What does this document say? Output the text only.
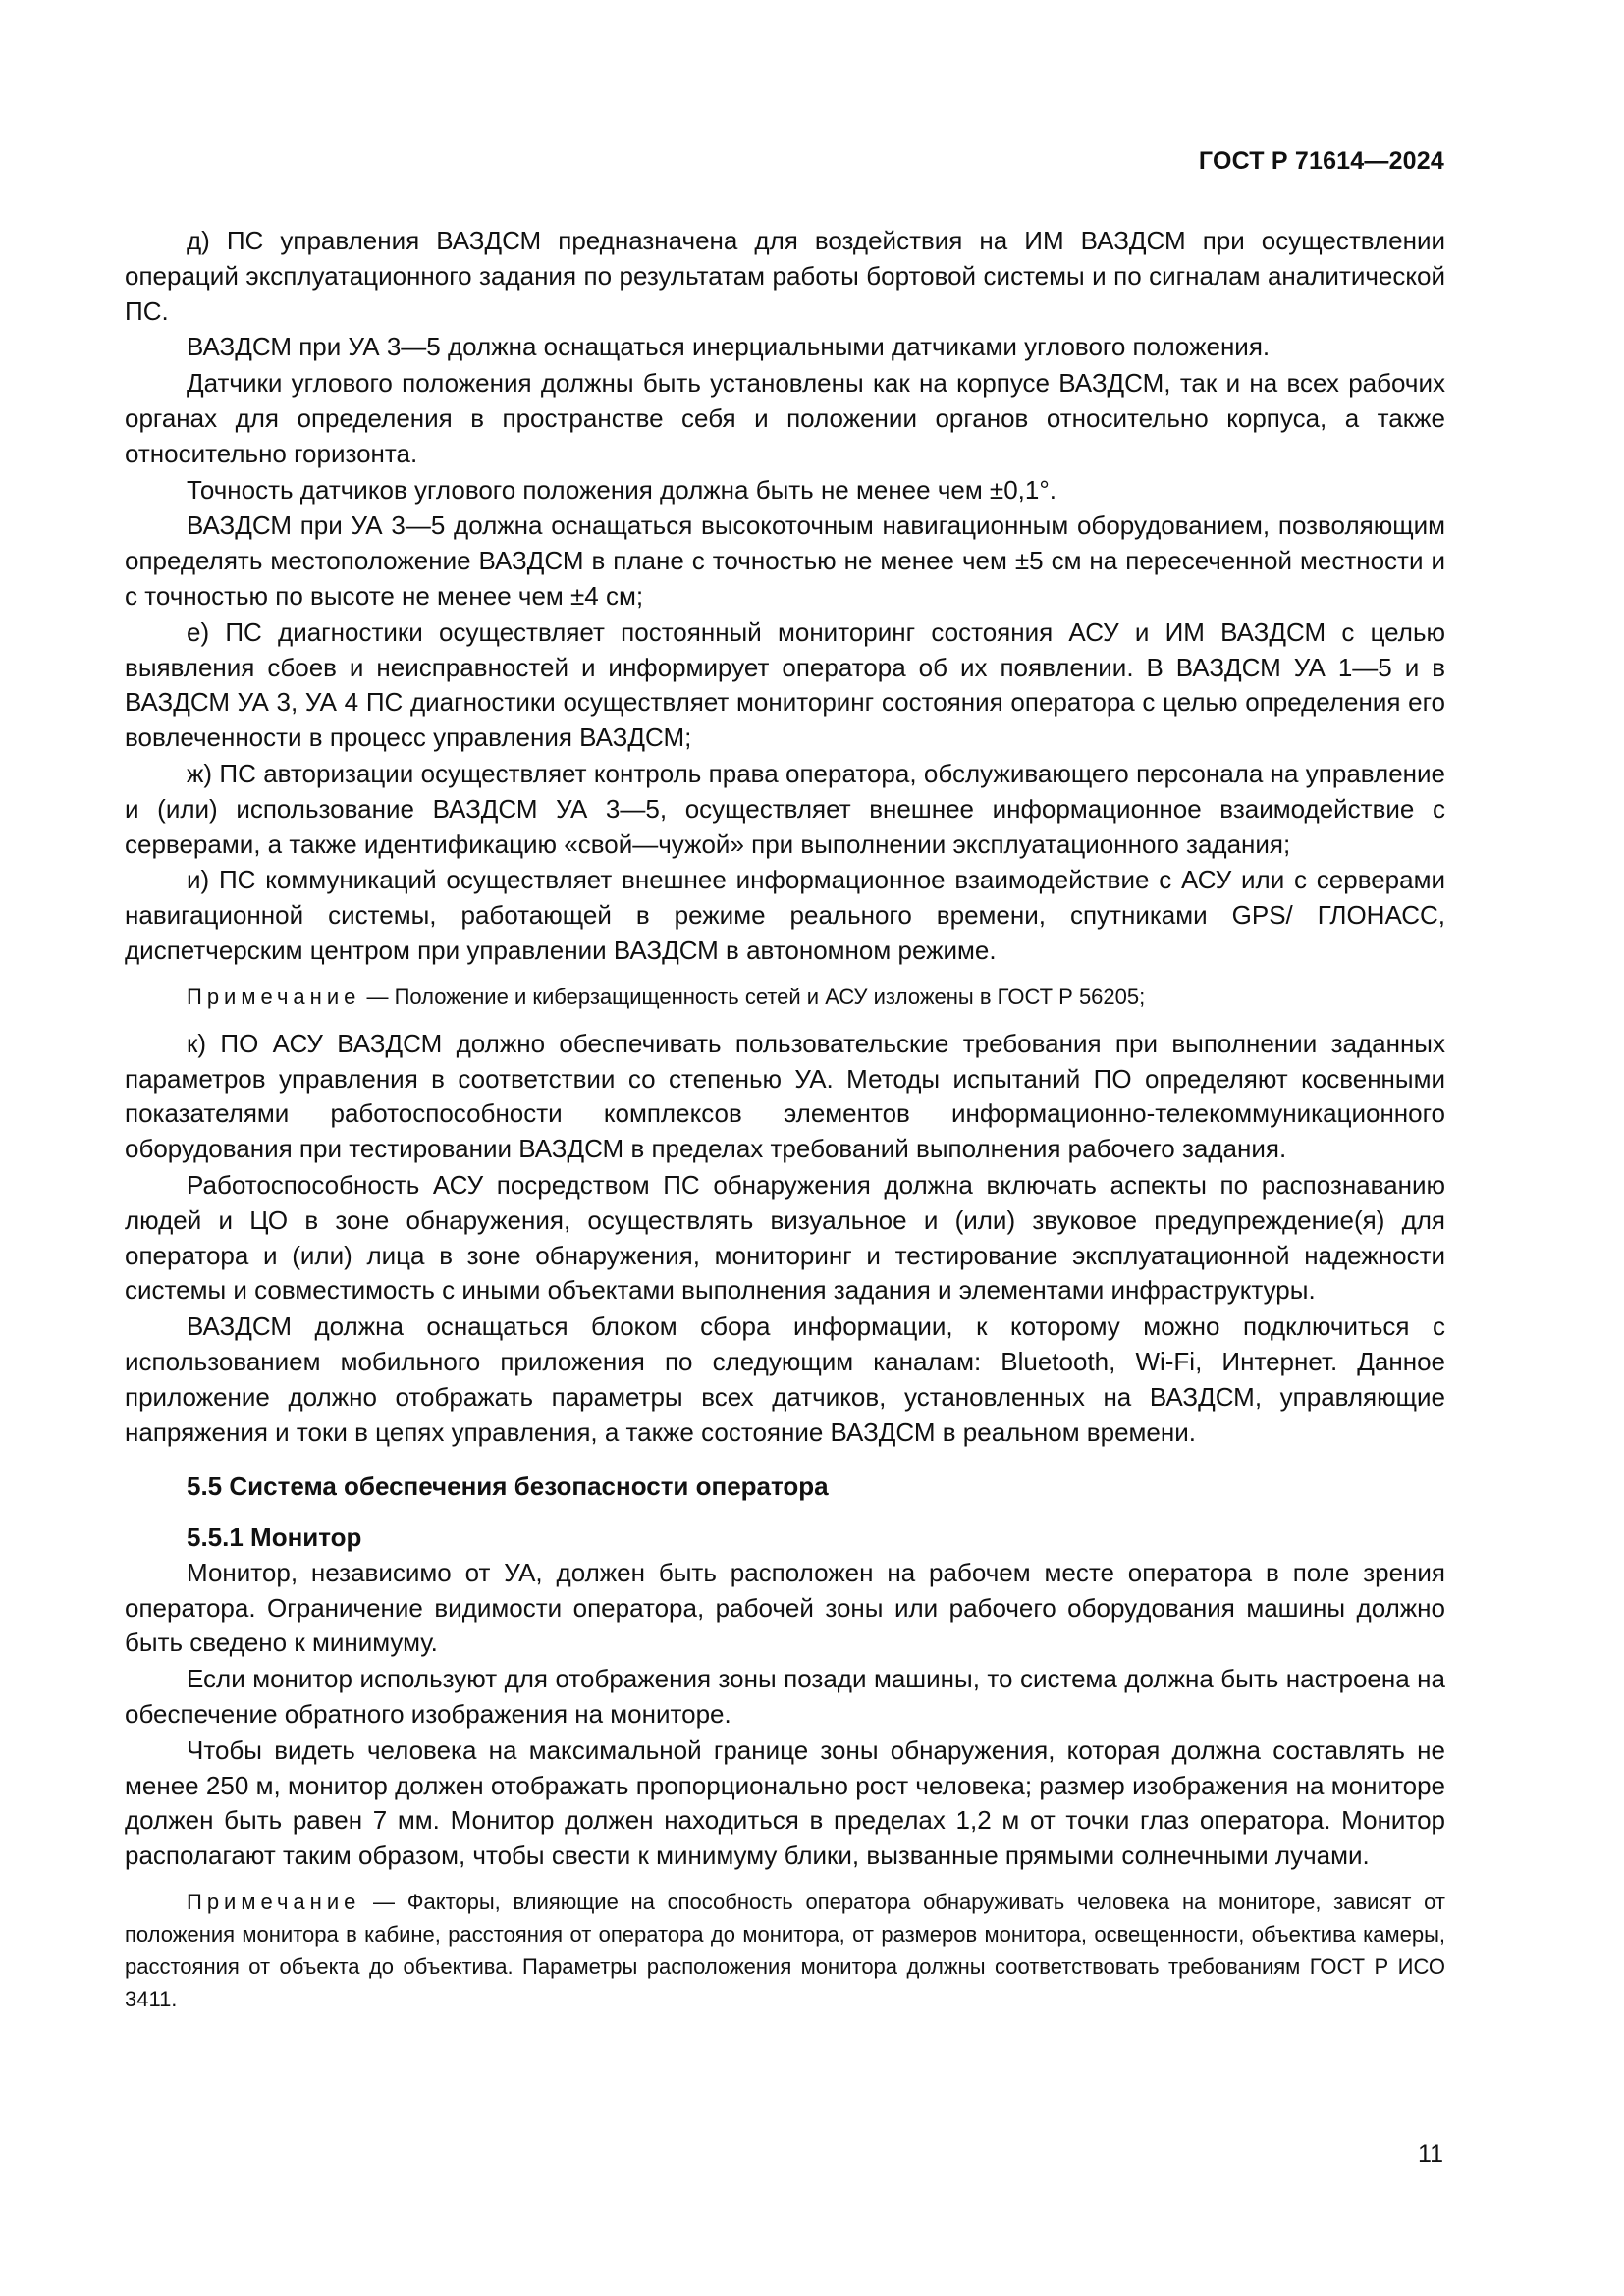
ГОСТ Р 71614—2024

д) ПС управления ВАЗДСМ предназначена для воздействия на ИМ ВАЗДСМ при осуществлении операций эксплуатационного задания по результатам работы бортовой системы и по сигналам аналитической ПС.

ВАЗДСМ при УА 3—5 должна оснащаться инерциальными датчиками углового положения.

Датчики углового положения должны быть установлены как на корпусе ВАЗДСМ, так и на всех рабочих органах для определения в пространстве себя и положении органов относительно корпуса, а также относительно горизонта.

Точность датчиков углового положения должна быть не менее чем ±0,1°.

ВАЗДСМ при УА 3—5 должна оснащаться высокоточным навигационным оборудованием, позволяющим определять местоположение ВАЗДСМ в плане с точностью не менее чем ±5 см на пересеченной местности и с точностью по высоте не менее чем ±4 см;

е) ПС диагностики осуществляет постоянный мониторинг состояния АСУ и ИМ ВАЗДСМ с целью выявления сбоев и неисправностей и информирует оператора об их появлении. В ВАЗДСМ УА 1—5 и в ВАЗДСМ УА 3, УА 4 ПС диагностики осуществляет мониторинг состояния оператора с целью определения его вовлеченности в процесс управления ВАЗДСМ;

ж) ПС авторизации осуществляет контроль права оператора, обслуживающего персонала на управление и (или) использование ВАЗДСМ УА 3—5, осуществляет внешнее информационное взаимодействие с серверами, а также идентификацию «свой—чужой» при выполнении эксплуатационного задания;

и) ПС коммуникаций осуществляет внешнее информационное взаимодействие с АСУ или с серверами навигационной системы, работающей в режиме реального времени, спутниками GPS/ ГЛОНАСС, диспетчерским центром при управлении ВАЗДСМ в автономном режиме.

Примечание — Положение и киберзащищенность сетей и АСУ изложены в ГОСТ Р 56205;

к) ПО АСУ ВАЗДСМ должно обеспечивать пользовательские требования при выполнении заданных параметров управления в соответствии со степенью УА. Методы испытаний ПО определяют косвенными показателями работоспособности комплексов элементов информационно-телекоммуникационного оборудования при тестировании ВАЗДСМ в пределах требований выполнения рабочего задания.

Работоспособность АСУ посредством ПС обнаружения должна включать аспекты по распознаванию людей и ЦО в зоне обнаружения, осуществлять визуальное и (или) звуковое предупреждение(я) для оператора и (или) лица в зоне обнаружения, мониторинг и тестирование эксплуатационной надежности системы и совместимость с иными объектами выполнения задания и элементами инфраструктуры.

ВАЗДСМ должна оснащаться блоком сбора информации, к которому можно подключиться с использованием мобильного приложения по следующим каналам: Bluetooth, Wi-Fi, Интернет. Данное приложение должно отображать параметры всех датчиков, установленных на ВАЗДСМ, управляющие напряжения и токи в цепях управления, а также состояние ВАЗДСМ в реальном времени.

5.5 Система обеспечения безопасности оператора
5.5.1 Монитор

Монитор, независимо от УА, должен быть расположен на рабочем месте оператора в поле зрения оператора. Ограничение видимости оператора, рабочей зоны или рабочего оборудования машины должно быть сведено к минимуму.

Если монитор используют для отображения зоны позади машины, то система должна быть настроена на обеспечение обратного изображения на мониторе.

Чтобы видеть человека на максимальной границе зоны обнаружения, которая должна составлять не менее 250 м, монитор должен отображать пропорционально рост человека; размер изображения на мониторе должен быть равен 7 мм. Монитор должен находиться в пределах 1,2 м от точки глаз оператора. Монитор располагают таким образом, чтобы свести к минимуму блики, вызванные прямыми солнечными лучами.

Примечание — Факторы, влияющие на способность оператора обнаруживать человека на мониторе, зависят от положения монитора в кабине, расстояния от оператора до монитора, от размеров монитора, освещенности, объектива камеры, расстояния от объекта до объектива. Параметры расположения монитора должны соответствовать требованиям ГОСТ Р ИСО 3411.

11
